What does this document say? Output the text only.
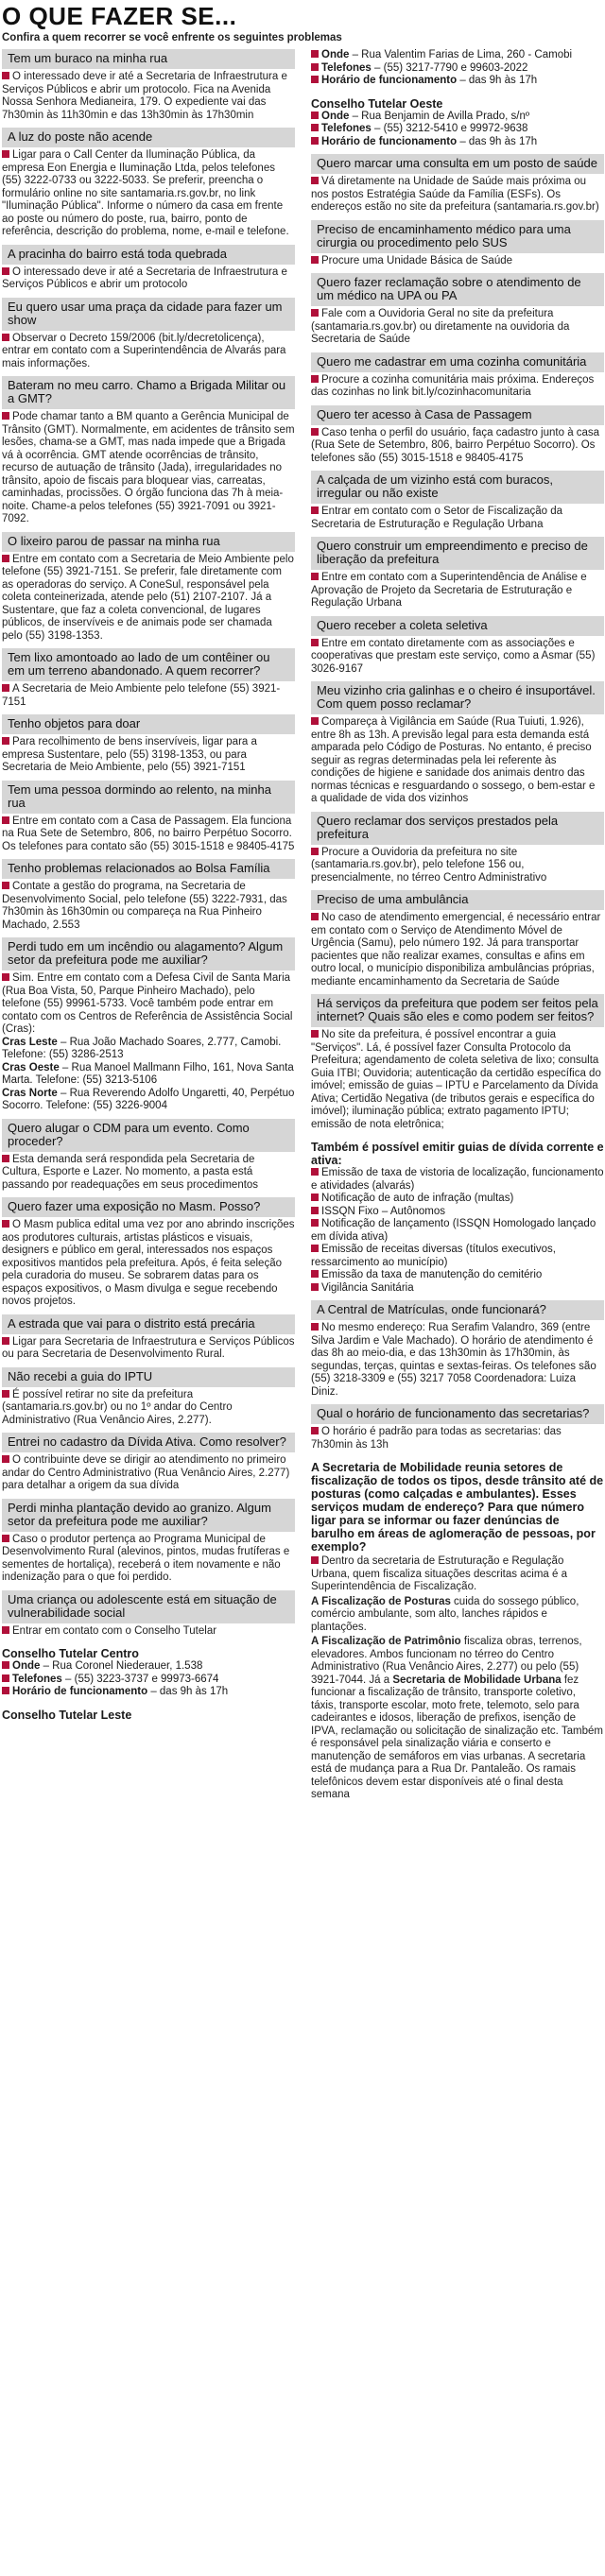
O QUE FAZER SE...
Confira a quem recorrer se você enfrente os seguintes problemas
Tem um buraco na minha rua
O interessado deve ir até a Secretaria de Infraestrutura e Serviços Públicos e abrir um protocolo. Fica na Avenida Nossa Senhora Medianeira, 179. O expediente vai das 7h30min às 11h30min e das 13h30min às 17h30min
A luz do poste não acende
Ligar para o Call Center da Iluminação Pública, da empresa Eon Energia e Iluminação Ltda, pelos telefones (55) 3222-0733 ou 3222-5033. Se preferir, preencha o formulário online no site santamaria.rs.gov.br, no link "Iluminação Pública". Informe o número da casa em frente ao poste ou número do poste, rua, bairro, ponto de referência, descrição do problema, nome, e-mail e telefone.
A pracinha do bairro está toda quebrada
O interessado deve ir até a Secretaria de Infraestrutura e Serviços Públicos e abrir um protocolo
Eu quero usar uma praça da cidade para fazer um show
Observar o Decreto 159/2006 (bit.ly/decretolicença), entrar em contato com a Superintendência de Alvarás para mais informações.
Bateram no meu carro. Chamo a Brigada Militar ou a GMT?
Pode chamar tanto a BM quanto a Gerência Municipal de Trânsito (GMT). Normalmente, em acidentes de trânsito sem lesões, chama-se a GMT, mas nada impede que a Brigada vá à ocorrência. GMT atende ocorrências de trânsito, recurso de autuação de trânsito (Jada), irregularidades no trânsito, apoio de fiscais para bloquear vias, carreatas, caminhadas, procissões. O órgão funciona das 7h à meia-noite. Chame-a pelos telefones (55) 3921-7091 ou 3921-7092.
O lixeiro parou de passar na minha rua
Entre em contato com a Secretaria de Meio Ambiente pelo telefone (55) 3921-7151. Se preferir, fale diretamente com as operadoras do serviço. A ConeSul, responsável pela coleta conteinerizada, atende pelo (51) 2107-2107. Já a Sustentare, que faz a coleta convencional, de lugares públicos, de inservíveis e de animais pode ser chamada pelo (55) 3198-1353.
Tem lixo amontoado ao lado de um contêiner ou em um terreno abandonado. A quem recorrer?
A Secretaria de Meio Ambiente pelo telefone (55) 3921-7151
Tenho objetos para doar
Para recolhimento de bens inservíveis, ligar para a empresa Sustentare, pelo (55) 3198-1353, ou para Secretaria de Meio Ambiente, pelo (55) 3921-7151
Tem uma pessoa dormindo ao relento, na minha rua
Entre em contato com a Casa de Passagem. Ela funciona na Rua Sete de Setembro, 806, no bairro Perpétuo Socorro. Os telefones para contato são (55) 3015-1518 e 98405-4175
Tenho problemas relacionados ao Bolsa Família
Contate a gestão do programa, na Secretaria de Desenvolvimento Social, pelo telefone (55) 3222-7931, das 7h30min às 16h30min ou compareça na Rua Pinheiro Machado, 2.553
Perdi tudo em um incêndio ou alagamento? Algum setor da prefeitura pode me auxiliar?
Sim. Entre em contato com a Defesa Civil de Santa Maria (Rua Boa Vista, 50, Parque Pinheiro Machado), pelo telefone (55) 99961-5733. Você também pode entrar em contato com os Centros de Referência de Assistência Social (Cras):
Cras Leste – Rua João Machado Soares, 2.777, Camobi. Telefone: (55) 3286-2513
Cras Oeste – Rua Manoel Mallmann Filho, 161, Nova Santa Marta. Telefone: (55) 3213-5106
Cras Norte – Rua Reverendo Adolfo Ungaretti, 40, Perpétuo Socorro. Telefone: (55) 3226-9004
Quero alugar o CDM para um evento. Como proceder?
Esta demanda será respondida pela Secretaria de Cultura, Esporte e Lazer. No momento, a pasta está passando por readequações em seus procedimentos
Quero fazer uma exposição no Masm. Posso?
O Masm publica edital uma vez por ano abrindo inscrições aos produtores culturais, artistas plásticos e visuais, designers e público em geral, interessados nos espaços expositivos mantidos pela prefeitura. Após, é feita seleção pela curadoria do museu. Se sobrarem datas para os espaços expositivos, o Masm divulga e segue recebendo novos projetos.
A estrada que vai para o distrito está precária
Ligar para Secretaria de Infraestrutura e Serviços Públicos ou para Secretaria de Desenvolvimento Rural.
Não recebi a guia do IPTU
É possível retirar no site da prefeitura (santamaria.rs.gov.br) ou no 1º andar do Centro Administrativo (Rua Venâncio Aires, 2.277).
Entrei no cadastro da Dívida Ativa. Como resolver?
O contribuinte deve se dirigir ao atendimento no primeiro andar do Centro Administrativo (Rua Venâncio Aires, 2.277) para detalhar a origem da sua dívida
Perdi minha plantação devido ao granizo. Algum setor da prefeitura pode me auxiliar?
Caso o produtor pertença ao Programa Municipal de Desenvolvimento Rural (alevinos, pintos, mudas frutíferas e sementes de hortaliça), receberá o item novamente e não indenização para o que foi perdido.
Uma criança ou adolescente está em situação de vulnerabilidade social
Entrar em contato com o Conselho Tutelar
Conselho Tutelar Centro
Onde – Rua Coronel Niederauer, 1.538
Telefones – (55) 3223-3737 e 99973-6674
Horário de funcionamento – das 9h às 17h
Conselho Tutelar Leste
Onde – Rua Valentim Farias de Lima, 260 - Camobi
Telefones – (55) 3217-7790 e 99603-2022
Horário de funcionamento – das 9h às 17h
Conselho Tutelar Oeste
Onde – Rua Benjamin de Avilla Prado, s/nº
Telefones – (55) 3212-5410 e 99972-9638
Horário de funcionamento – das 9h às 17h
Quero marcar uma consulta em um posto de saúde
Vá diretamente na Unidade de Saúde mais próxima ou nos postos Estratégia Saúde da Família (ESFs). Os endereços estão no site da prefeitura (santamaria.rs.gov.br)
Preciso de encaminhamento médico para uma cirurgia ou procedimento pelo SUS
Procure uma Unidade Básica de Saúde
Quero fazer reclamação sobre o atendimento de um médico na UPA ou PA
Fale com a Ouvidoria Geral no site da prefeitura (santamaria.rs.gov.br) ou diretamente na ouvidoria da Secretaria de Saúde
Quero me cadastrar em uma cozinha comunitária
Procure a cozinha comunitária mais próxima. Endereços das cozinhas no link bit.ly/cozinhacomunitaria
Quero ter acesso à Casa de Passagem
Caso tenha o perfil do usuário, faça cadastro junto à casa (Rua Sete de Setembro, 806, bairro Perpétuo Socorro). Os telefones são (55) 3015-1518 e 98405-4175
A calçada de um vizinho está com buracos, irregular ou não existe
Entrar em contato com o Setor de Fiscalização da Secretaria de Estruturação e Regulação Urbana
Quero construir um empreendimento e preciso de liberação da prefeitura
Entre em contato com a Superintendência de Análise e Aprovação de Projeto da Secretaria de Estruturação e Regulação Urbana
Quero receber a coleta seletiva
Entre em contato diretamente com as associações e cooperativas que prestam este serviço, como a Asmar (55) 3026-9167
Meu vizinho cria galinhas e o cheiro é insuportável. Com quem posso reclamar?
Compareça à Vigilância em Saúde (Rua Tuiuti, 1.926), entre 8h as 13h. A previsão legal para esta demanda está amparada pelo Código de Posturas. No entanto, é preciso seguir as regras determinadas pela lei referente às condições de higiene e sanidade dos animais dentro das normas técnicas e resguardando o sossego, o bem-estar e a qualidade de vida dos vizinhos
Quero reclamar dos serviços prestados pela prefeitura
Procure a Ouvidoria da prefeitura no site (santamaria.rs.gov.br), pelo telefone 156 ou, presencialmente, no térreo Centro Administrativo
Preciso de uma ambulância
No caso de atendimento emergencial, é necessário entrar em contato com o Serviço de Atendimento Móvel de Urgência (Samu), pelo número 192. Já para transportar pacientes que não realizar exames, consultas e afins em outro local, o município disponibiliza ambulâncias próprias, mediante encaminhamento da Secretaria de Saúde
Há serviços da prefeitura que podem ser feitos pela internet? Quais são eles e como podem ser feitos?
No site da prefeitura, é possível encontrar a guia "Serviços". Lá, é possível fazer Consulta Protocolo da Prefeitura; agendamento de coleta seletiva de lixo; consulta Guia ITBI; Ouvidoria; autenticação da certidão específica do imóvel; emissão de guias – IPTU e Parcelamento da Dívida Ativa; Certidão Negativa (de tributos gerais e específica do imóvel); iluminação pública; extrato pagamento IPTU; emissão de nota eletrônica;
Também é possível emitir guias de dívida corrente e ativa:
Emissão de taxa de vistoria de localização, funcionamento e atividades (alvarás)
Notificação de auto de infração (multas)
ISSQN Fixo – Autônomos
Notificação de lançamento (ISSQN Homologado lançado em dívida ativa)
Emissão de receitas diversas (títulos executivos, ressarcimento ao município)
Emissão da taxa de manutenção do cemitério
Vigilância Sanitária
A Central de Matrículas, onde funcionará?
No mesmo endereço: Rua Serafim Valandro, 369 (entre Silva Jardim e Vale Machado). O horário de atendimento é das 8h ao meio-dia, e das 13h30min às 17h30min, às segundas, terças, quintas e sextas-feiras. Os telefones são (55) 3218-3309 e (55) 3217 7058 Coordenadora: Luiza Diniz.
Qual o horário de funcionamento das secretarias?
O horário é padrão para todas as secretarias: das 7h30min às 13h
A Secretaria de Mobilidade reunia setores de fiscalização de todos os tipos, desde trânsito até de posturas (como calçadas e ambulantes). Esses serviços mudam de endereço? Para que número ligar para se informar ou fazer denúncias de barulho em áreas de aglomeração de pessoas, por exemplo?
Dentro da secretaria de Estruturação e Regulação Urbana, quem fiscaliza situações descritas acima é a Superintendência de Fiscalização.
A Fiscalização de Posturas cuida do sossego público, comércio ambulante, som alto, lanches rápidos e plantações.
A Fiscalização de Patrimônio fiscaliza obras, terrenos, elevadores. Ambos funcionam no térreo do Centro Administrativo (Rua Venâncio Aires, 2.277) ou pelo (55) 3921-7044. Já a Secretaria de Mobilidade Urbana fez funcionar a fiscalização de trânsito, transporte coletivo, táxis, transporte escolar, moto frete, telemoto, selo para cadeirantes e idosos, liberação de prefixos, isenção de IPVA, reclamação ou solicitação de sinalização etc. Também é responsável pela sinalização viária e conserto e manutenção de semáforos em vias urbanas. A secretaria está de mudança para a Rua Dr. Pantaleão. Os ramais telefônicos devem estar disponíveis até o final desta semana
